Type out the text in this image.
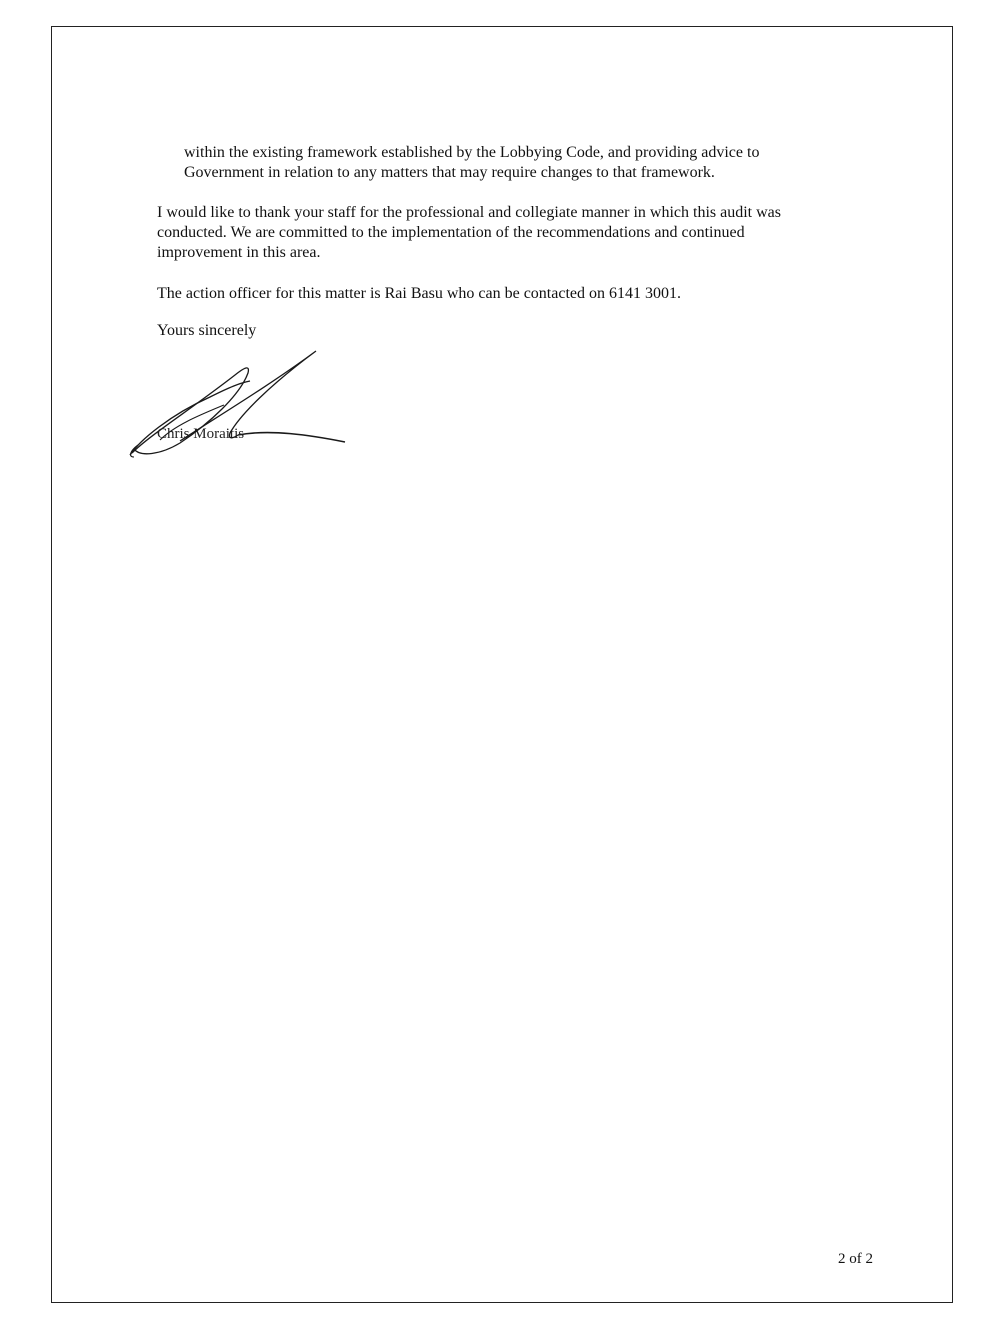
within the existing framework established by the Lobbying Code, and providing advice to
Government in relation to any matters that may require changes to that framework.
I would like to thank your staff for the professional and collegiate manner in which this audit was
conducted. We are committed to the implementation of the recommendations and continued
improvement in this area.
The action officer for this matter is Rai Basu who can be contacted on 6141 3001.
Yours sincerely
Chris Moraitis
2 of 2
